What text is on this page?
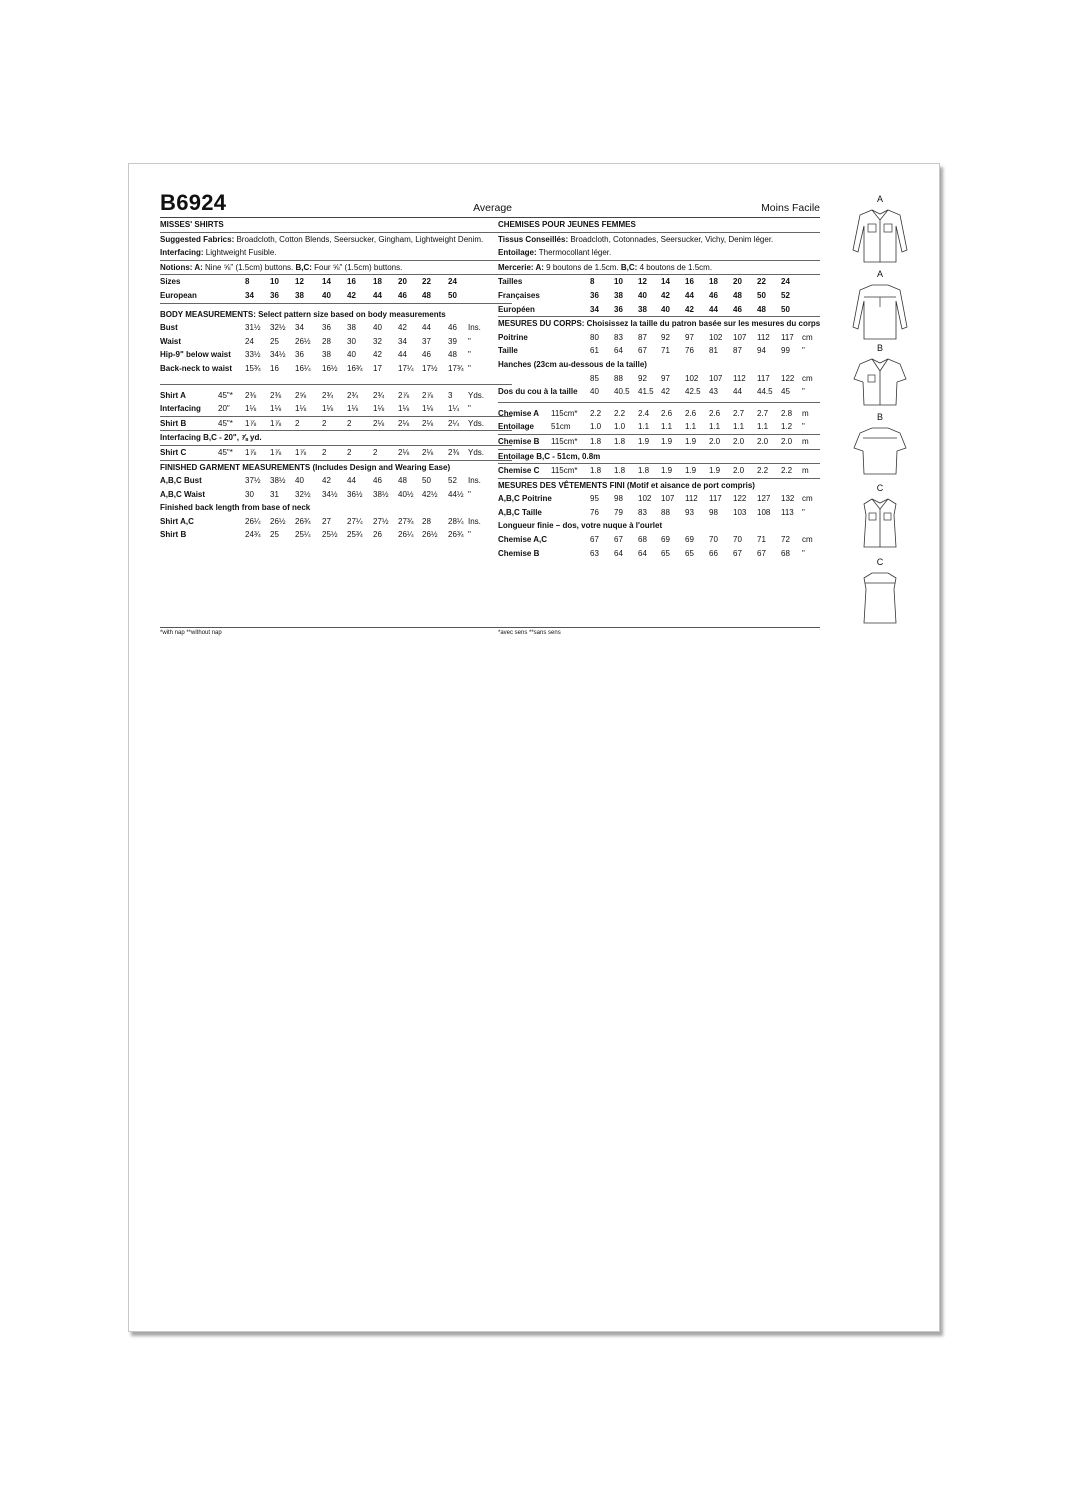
B6924	Average
MISSES' SHIRTS
Suggested Fabrics: Broadcloth, Cotton Blends, Seersucker, Gingham, Lightweight Denim.
Interfacing: Lightweight Fusible.
Notions: A: Nine ⅝" (1.5cm) buttons. B,C: Four ⅝" (1.5cm) buttons.
Sizes	8	10 12 14 16 18 20 22 24
European	34 36 38 40 42 44 46 48 50
BODY MEASUREMENTS: Select pattern size based on body measurements
Bust	31½ 32½ 34 36 38 40 42 44 46 Ins.
Waist	24 25 26½ 28 30 32 34 37 39 "
Hip-9" below waist 33½ 34½ 36 38 40 42 44 46 48 "
Back-neck to waist 15¾ 16 16¼ 16½ 16¾ 17 17¼ 17½ 17¾ "
Shirt A	45"* 2⅜ 2⅜ 2⅝ 2¾ 2¾ 2¾ 2⅞ 2⅞ 3 Yds.
Interfacing 20" 1⅛ 1⅛ 1⅛ 1⅛ 1⅛ 1⅛ 1⅛ 1⅛ 1¼ "
Shirt B	45"* 1⅞ 1⅞ 2	2	2	2⅛ 2⅛ 2⅛ 2¼ Yds.
Interfacing B,C - 20", ⅞ yd.
Shirt C	45"* 1⅞ 1⅞ 1⅞ 2	2	2	2⅛ 2⅛ 2⅜ Yds.
FINISHED GARMENT MEASUREMENTS (Includes Design and Wearing Ease)
A,B,C Bust	37½ 38½ 40 42 44 46 48 50 52 Ins.
A,B,C Waist	30 31 32½ 34½ 36½ 38½ 40½ 42½ 44½ "
Finished back length from base of neck
Shirt A,C	26¼ 26½ 26¾ 27 27¼ 27½ 27¾ 28 28¼ Ins.
Shirt B	24¾ 25 25¼ 25½ 25¾ 26 26¼ 26½ 26¾ "
*with nap **without nap
Moins Facile
CHEMISES POUR JEUNES FEMMES
Tissus Conseillés: Broadcloth, Cotonnades, Seersucker, Vichy, Denim léger.
Entoilage: Thermocollant léger.
Mercerie: A: 9 boutons de 1.5cm. B,C: 4 boutons de 1.5cm.
Tailles	8 10 12 14 16 18 20 22 24
Françaises	36 38 40 42 44 46 48 50 52
Européen	34 36 38 40 42 44 46 48 50
MESURES DU CORPS: Choisissez la taille du patron basée sur les mesures du corps
Poitrine	80 83 87 92 97 102 107 112 117 cm
Taille	61 64 67 71 76 81 87 94 99 "
Hanches (23cm au-dessous de la taille)
85 88 92 97 102 107 112 117 122 cm
Dos du cou à la taille 40 40.5 41.5 42 42.5 43 44 44.5 45 "
Chemise A 115cm* 2.2 2.2 2.4 2.6 2.6 2.6 2.7 2.7 2.8 m
Entoilage 51cm 1.0 1.0 1.1 1.1 1.1 1.1 1.1 1.1 1.2 "
Chemise B 115cm* 1.8 1.8 1.9 1.9 1.9 2.0 2.0 2.0 2.0 m
Entoilage B,C - 51cm, 0.8m
Chemise C 115cm* 1.8 1.8 1.8 1.9 1.9 1.9 2.0 2.2 2.2 m
MESURES DES VÊTEMENTS FINI (Motif et aisance de port compris)
A,B,C Poitrine	95 98 102 107 112 117 122 127 132 cm
A,B,C Taille	76 79 83 88 93 98 103 108 113 "
Longueur finie – dos, votre nuque à l'ourlet
Chemise A,C	67 67 68 69 69 70 70 71 72 cm
Chemise B	63 64 64 65 65 66 67 67 68 "
*avec sens **sans sens
A
A
B
B
C
C
